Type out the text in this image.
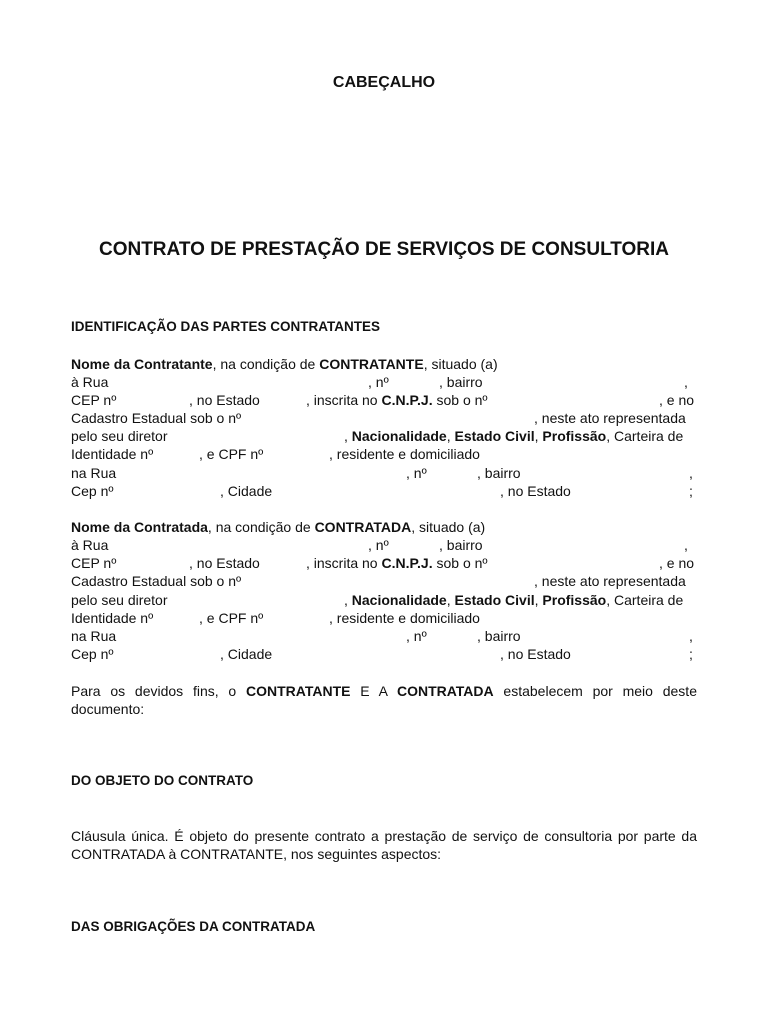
CABEÇALHO
CONTRATO DE PRESTAÇÃO DE SERVIÇOS DE CONSULTORIA
IDENTIFICAÇÃO DAS PARTES CONTRATANTES
Nome da Contratante, na condição de CONTRATANTE, situado (a)
à Rua	, nº	, bairro	,
CEP nº	, no Estado	, inscrita no C.N.P.J. sob o nº	, e no
Cadastro Estadual sob o nº	, neste ato representada
pelo seu diretor	, Nacionalidade, Estado Civil, Profissão, Carteira de
Identidade nº	, e CPF nº	, residente e domiciliado
na Rua	, nº	, bairro	,
Cep nº	, Cidade	, no Estado	;
Nome da Contratada, na condição de CONTRATADA, situado (a)
à Rua	, nº	, bairro	,
CEP nº	, no Estado	, inscrita no C.N.P.J. sob o nº	, e no
Cadastro Estadual sob o nº	, neste ato representada
pelo seu diretor	, Nacionalidade, Estado Civil, Profissão, Carteira de
Identidade nº	, e CPF nº	, residente e domiciliado
na Rua	, nº	, bairro	,
Cep nº	, Cidade	, no Estado	;

Para os devidos fins, o CONTRATANTE E A CONTRATADA estabelecem por meio deste documento:

DO OBJETO DO CONTRATO

Cláusula única. É objeto do presente contrato a prestação de serviço de consultoria por parte da CONTRATADA à CONTRATANTE, nos seguintes aspectos:

DAS OBRIGAÇÕES DA CONTRATADA
